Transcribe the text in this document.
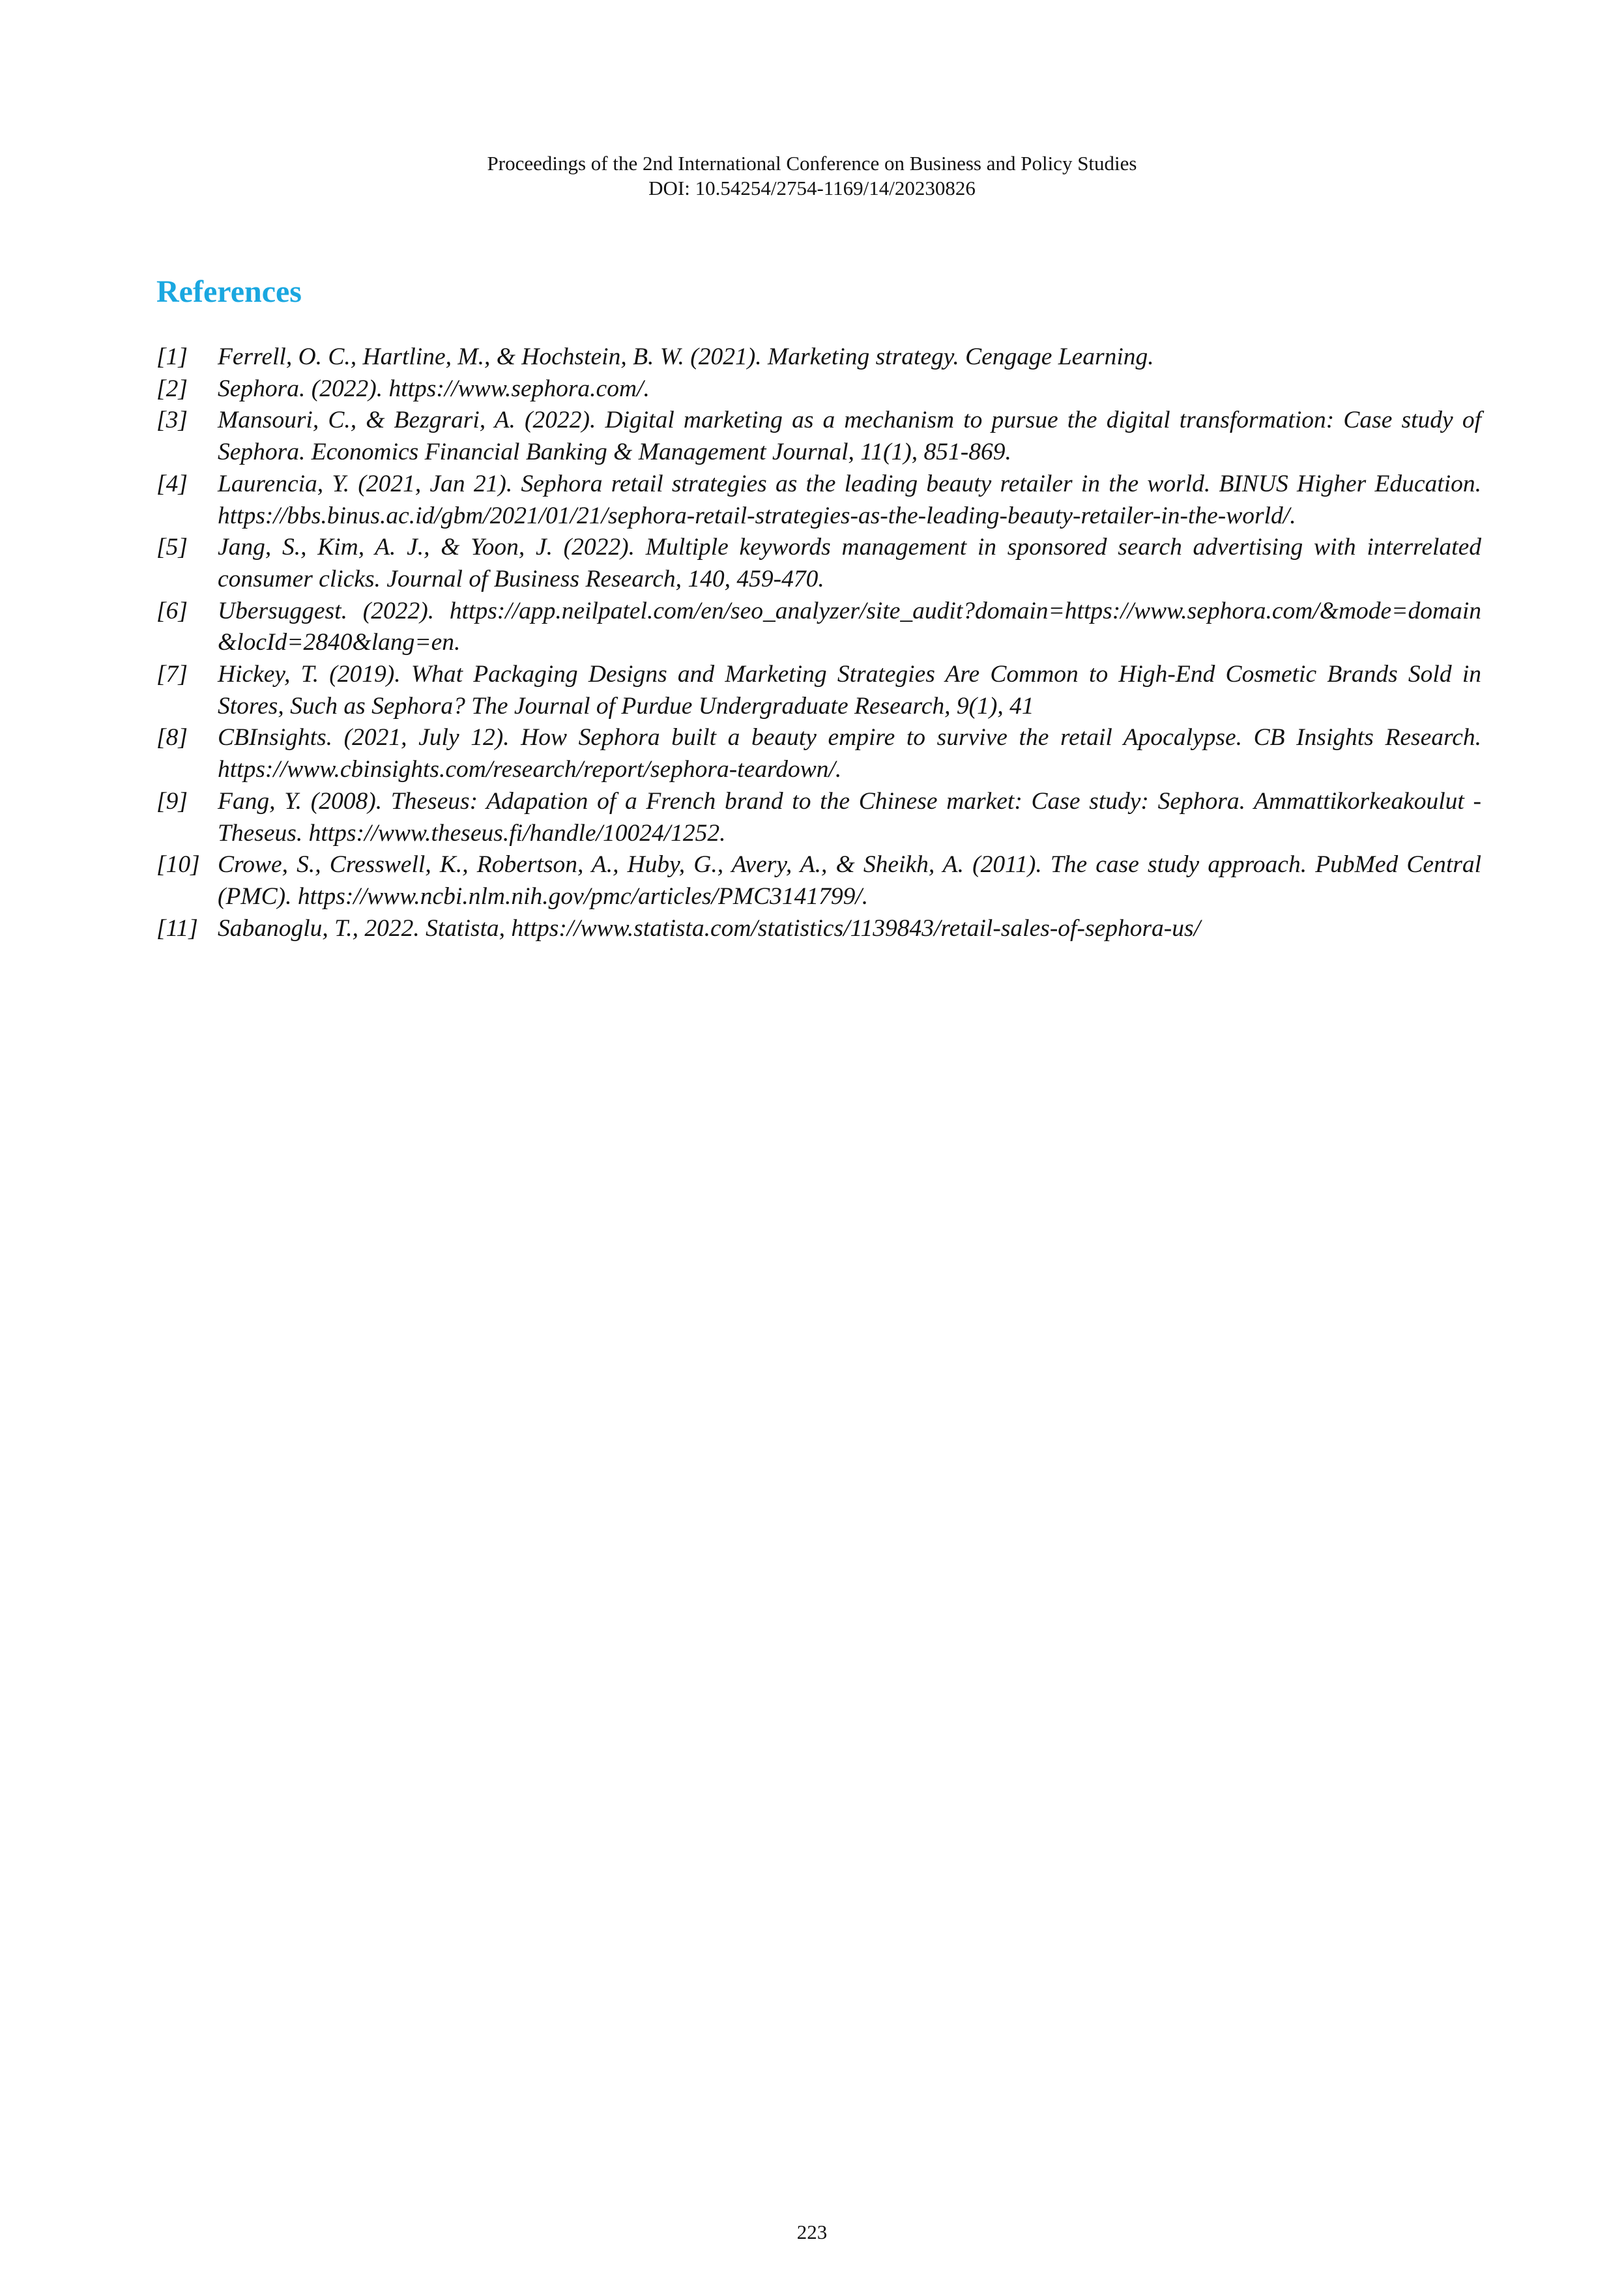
Proceedings of the 2nd International Conference on Business and Policy Studies
DOI: 10.54254/2754-1169/14/20230826
References
[1]	Ferrell, O. C., Hartline, M., & Hochstein, B. W. (2021). Marketing strategy. Cengage Learning.
[2]	Sephora. (2022). https://www.sephora.com/.
[3]	Mansouri, C., & Bezgrari, A. (2022). Digital marketing as a mechanism to pursue the digital transformation: Case study of Sephora. Economics Financial Banking & Management Journal, 11(1), 851-869.
[4]	Laurencia, Y. (2021, Jan 21). Sephora retail strategies as the leading beauty retailer in the world. BINUS Higher Education. https://bbs.binus.ac.id/gbm/2021/01/21/sephora-retail-strategies-as-the-leading-beauty-retailer-in-the-world/.
[5]	Jang, S., Kim, A. J., & Yoon, J. (2022). Multiple keywords management in sponsored search advertising with interrelated consumer clicks. Journal of Business Research, 140, 459-470.
[6]	Ubersuggest. (2022). https://app.neilpatel.com/en/seo_analyzer/site_audit?domain=https://www.sephora.com/&mode=domain&locId=2840&lang=en.
[7]	Hickey, T. (2019). What Packaging Designs and Marketing Strategies Are Common to High-End Cosmetic Brands Sold in Stores, Such as Sephora? The Journal of Purdue Undergraduate Research, 9(1), 41
[8]	CBInsights. (2021, July 12). How Sephora built a beauty empire to survive the retail Apocalypse. CB Insights Research. https://www.cbinsights.com/research/report/sephora-teardown/.
[9]	Fang, Y. (2008). Theseus: Adapation of a French brand to the Chinese market: Case study: Sephora. Ammattikorkeakoulut - Theseus. https://www.theseus.fi/handle/10024/1252.
[10] Crowe, S., Cresswell, K., Robertson, A., Huby, G., Avery, A., & Sheikh, A. (2011). The case study approach. PubMed Central (PMC). https://www.ncbi.nlm.nih.gov/pmc/articles/PMC3141799/.
[11] Sabanoglu, T., 2022. Statista, https://www.statista.com/statistics/1139843/retail-sales-of-sephora-us/
223
